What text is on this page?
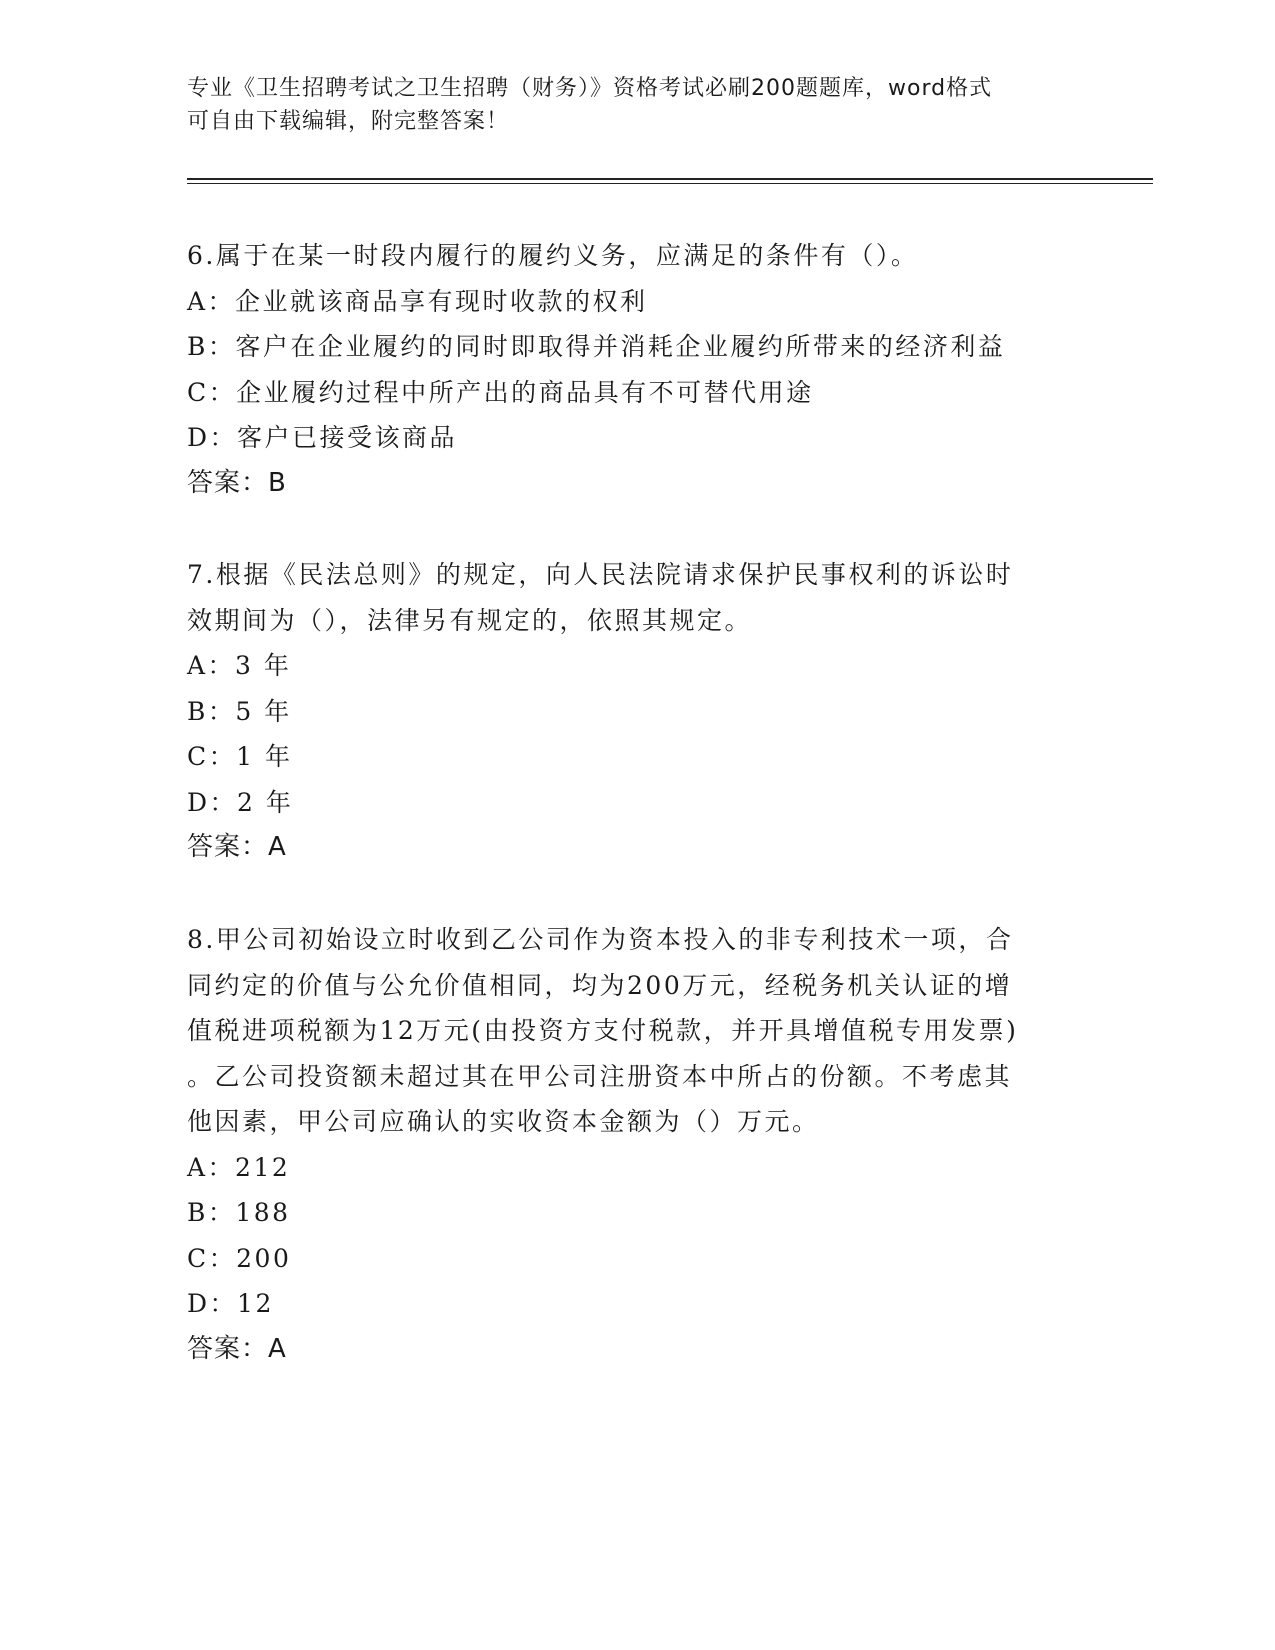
专业《卫生招聘考试之卫生招聘（财务）》资格考试必刷200题题库，word格式
可自由下载编辑，附完整答案！
6.属于在某一时段内履行的履约义务，应满足的条件有（）。
A：企业就该商品享有现时收款的权利
B：客户在企业履约的同时即取得并消耗企业履约所带来的经济利益
C：企业履约过程中所产出的商品具有不可替代用途
D：客户已接受该商品
答案：B
7.根据《民法总则》的规定，向人民法院请求保护民事权利的诉讼时
效期间为（），法律另有规定的，依照其规定。
A：3 年
B：5 年
C：1 年
D：2 年
答案：A
8.甲公司初始设立时收到乙公司作为资本投入的非专利技术一项，合
同约定的价值与公允价值相同，均为200万元，经税务机关认证的增
值税进项税额为12万元(由投资方支付税款，并开具增值税专用发票)
。乙公司投资额未超过其在甲公司注册资本中所占的份额。不考虑其
他因素，甲公司应确认的实收资本金额为（）万元。
A：212
B：188
C：200
D：12
答案：A
